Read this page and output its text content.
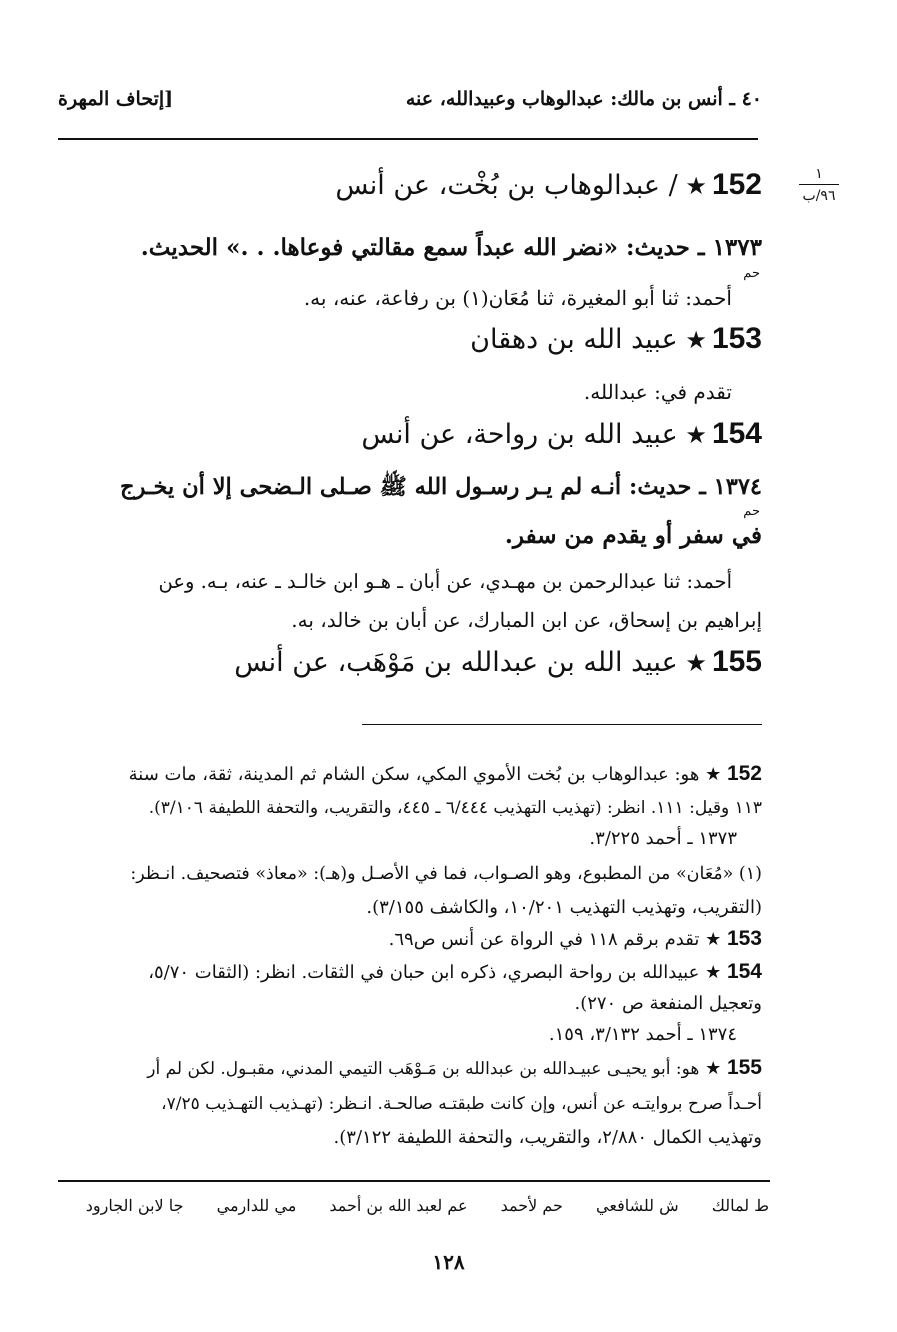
٤٠ ـ أنس بن مالك: عبدالوهاب وعبيدالله، عنه
[إتحاف المهرة
١
٩٦/ب
152 ★ / عبدالوهاب بن بُخْت، عن أنس
١٣٧٣ ـ حديث: «نضر الله عبداً سمع مقالتي فوعاها. . .» الحديث.
حم
أحمد: ثنا أبو المغيرة، ثنا مُعَان(١) بن رفاعة، عنه، به.
153 ★ عبيد الله بن دهقان
تقدم في: عبدالله.
154 ★ عبيد الله بن رواحة، عن أنس
١٣٧٤ ـ حديث: أنـه لم يـر رسـول الله ﷺ صـلى الـضحى إلا أن يخـرج
حم
في سفر أو يقدم من سفر.
أحمد: ثنا عبدالرحمن بن مهـدي، عن أبان ـ هـو ابن خالـد ـ عنه، بـه. وعن
إبراهيم بن إسحاق، عن ابن المبارك، عن أبان بن خالد، به.
155 ★ عبيد الله بن عبدالله بن مَوْهَب، عن أنس
152 ★ هو: عبدالوهاب بن بُخت الأموي المكي، سكن الشام ثم المدينة، ثقة، مات سنة
١١٣ وقيل: ١١١. انظر: (تهذيب التهذيب ٦/٤٤٤ ـ ٤٤٥، والتقريب، والتحفة اللطيفة ٣/١٠٦).
١٣٧٣ ـ أحمد ٣/٢٢٥.
(١) «مُعَان» من المطبوع، وهو الصـواب، فما في الأصـل و(هـ): «معاذ» فتصحيف. انـظر:
(التقريب، وتهذيب التهذيب ١٠/٢٠١، والكاشف ٣/١٥٥).
153 ★ تقدم برقم ١١٨ في الرواة عن أنس ص٦٩.
154 ★ عبيدالله بن رواحة البصري، ذكره ابن حبان في الثقات. انظر: (الثقات ٥/٧٠،
وتعجيل المنفعة ص ٢٧٠).
١٣٧٤ ـ أحمد ٣/١٣٢، ١٥٩.
155 ★ هو: أبو يحيـى عبيـدالله بن عبدالله بن مَـوْهَب التيمي المدني، مقبـول. لكن لم أر
أحـداً صرح بروايتـه عن أنس، وإن كانت طبقتـه صالحـة. انـظر: (تهـذيب التهـذيب ٧/٢٥،
وتهذيب الكمال ٢/٨٨٠، والتقريب، والتحفة اللطيفة ٣/١٢٢).
ط لمالك ش للشافعي حم لأحمد عم لعبد الله بن أحمد مي للدارمي جا لابن الجارود
١٢٨
